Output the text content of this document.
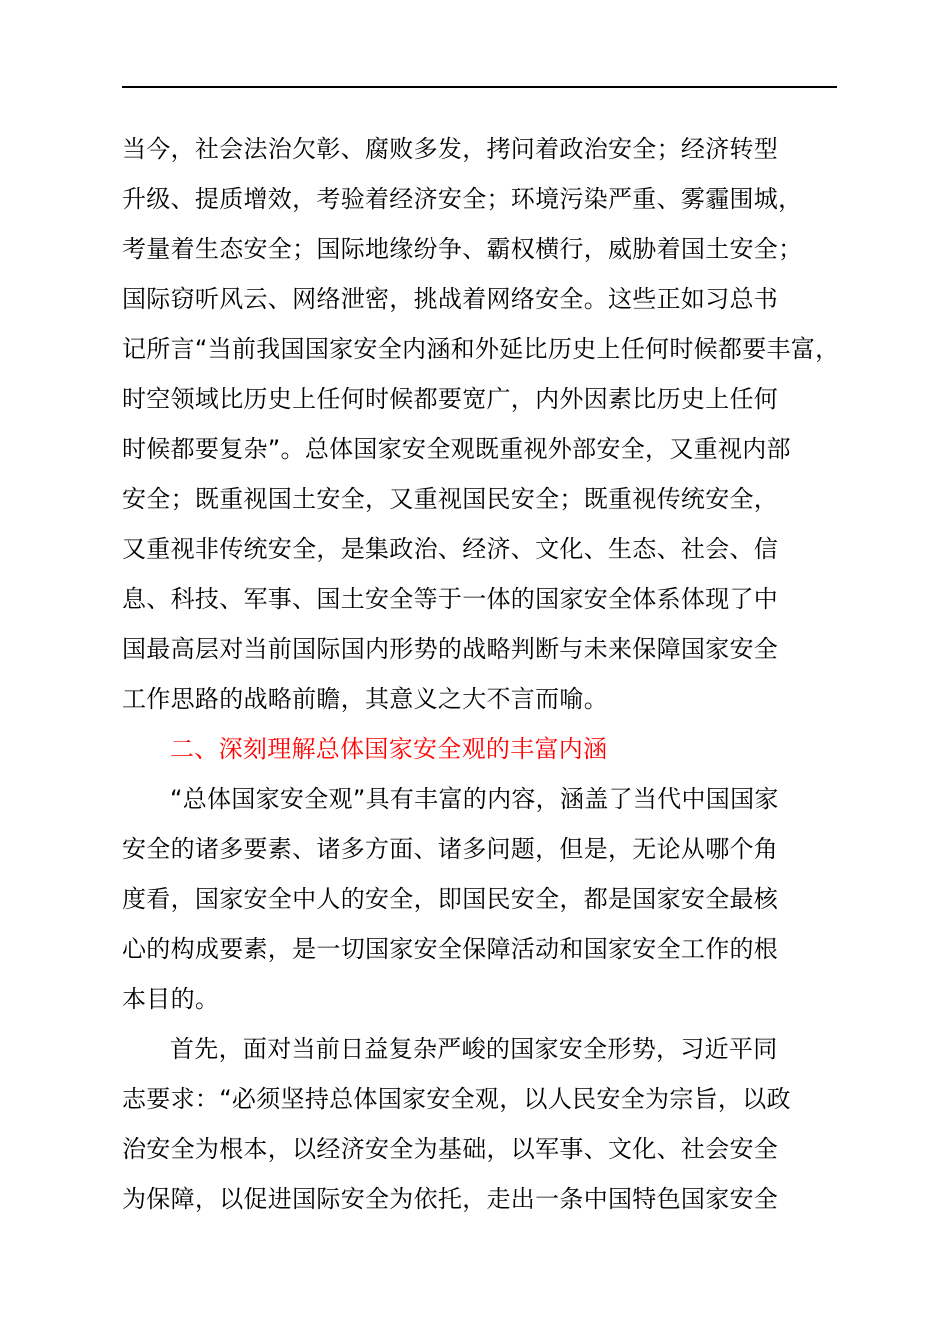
当今，社会法治欠彰、腐败多发，拷问着政治安全；经济转型
升级、提质增效，考验着经济安全；环境污染严重、雾霾围城，
考量着生态安全；国际地缘纷争、霸权横行，威胁着国土安全；
国际窃听风云、网络泄密，挑战着网络安全。这些正如习总书
记所言“当前我国国家安全内涵和外延比历史上任何时候都要丰富，
时空领域比历史上任何时候都要宽广，内外因素比历史上任何
时候都要复杂”。总体国家安全观既重视外部安全，又重视内部
安全；既重视国土安全，又重视国民安全；既重视传统安全，
又重视非传统安全，是集政治、经济、文化、生态、社会、信
息、科技、军事、国土安全等于一体的国家安全体系体现了中
国最高层对当前国际国内形势的战略判断与未来保障国家安全
工作思路的战略前瞻，其意义之大不言而喻。
二、深刻理解总体国家安全观的丰富内涵
“总体国家安全观”具有丰富的内容，涵盖了当代中国国家
安全的诸多要素、诸多方面、诸多问题，但是，无论从哪个角
度看，国家安全中人的安全，即国民安全，都是国家安全最核
心的构成要素，是一切国家安全保障活动和国家安全工作的根
本目的。
首先，面对当前日益复杂严峻的国家安全形势，习近平同
志要求：“必须坚持总体国家安全观，以人民安全为宗旨，以政
治安全为根本，以经济安全为基础，以军事、文化、社会安全
为保障，以促进国际安全为依托，走出一条中国特色国家安全
